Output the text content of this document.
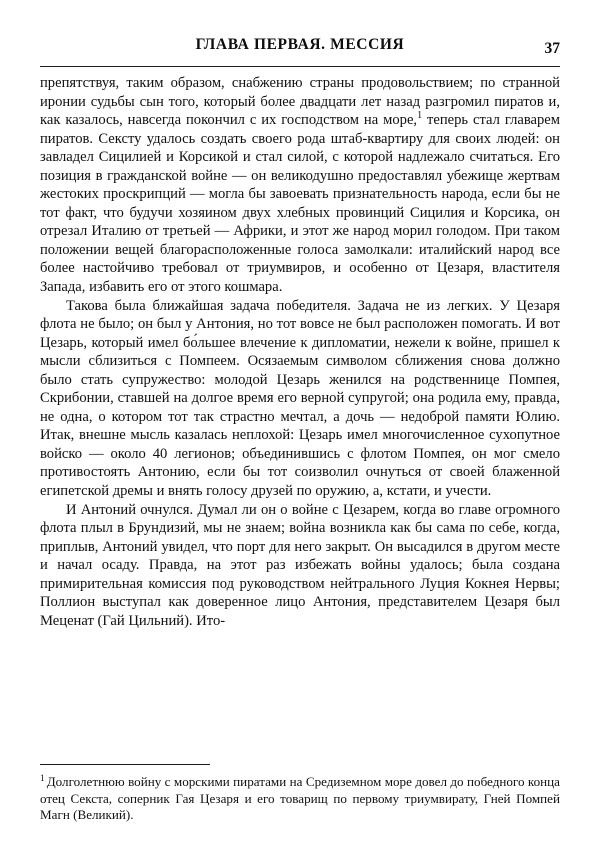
ГЛАВА ПЕРВАЯ. МЕССИЯ	37

препятствуя, таким образом, снабжению страны продовольствием; по странной иронии судьбы сын того, который более двадцати лет назад разгромил пиратов и, как казалось, навсегда покончил с их господством на море,$^1$ теперь стал главарем пиратов. Сексту удалось создать своего рода штаб-квартиру для своих людей: он завладел Сицилией и Корсикой и стал силой, с которой надлежало считаться. Его позиция в гражданской войне — он великодушно предоставлял убежище жертвам жестоких проскрипций — могла бы завоевать признательность народа, если бы не тот факт, что будучи хозяином двух хлебных провинций Сицилия и Корсика, он отрезал Италию от третьей — Африки, и этот же народ морил голодом. При таком положении вещей благорасположенные голоса замолкали: италийский народ все более настойчиво требовал от триумвиров, и особенно от Цезаря, властителя Запада, избавить его от этого кошмара.

Такова была ближайшая задача победителя. Задача не из легких. У Цезаря флота не было; он был у Антония, но тот вовсе не был расположен помогать. И вот Цезарь, который имел бо́льшее влечение к дипломатии, нежели к войне, пришел к мысли сблизиться с Помпеем. Осязаемым символом сближения снова должно было стать супружество: молодой Цезарь женился на родственнице Помпея, Скрибонии, ставшей на долгое время его верной супругой; она родила ему, правда, не одна, о котором тот так страстно мечтал, а дочь — недоброй памяти Юлию. Итак, внешне мысль казалась неплохой: Цезарь имел многочисленное сухопутное войско — около 40 легионов; объединившись с флотом Помпея, он мог смело противостоять Антонию, если бы тот соизволил очнуться от своей блаженной египетской дремы и внять голосу друзей по оружию, а, кстати, и учести.

И Антоний очнулся. Думал ли он о войне с Цезарем, когда во главе огромного флота плыл в Брундизий, мы не знаем; война возникла как бы сама по себе, когда, приплыв, Антоний увидел, что порт для него закрыт. Он высадился в другом месте и начал осаду. Правда, на этот раз избежать войны удалось; была создана примирительная комиссия под руководством нейтрального Луция Кокнея Нервы; Поллион выступал как доверенное лицо Антония, представителем Цезаря был Меценат (Гай Цильний). Ито-

$^1$ Долголетнюю войну с морскими пиратами на Средиземном море довел до победного конца отец Секста, соперник Гая Цезаря и его товарищ по первому триумвирату, Гней Помпей Магн (Великий).
